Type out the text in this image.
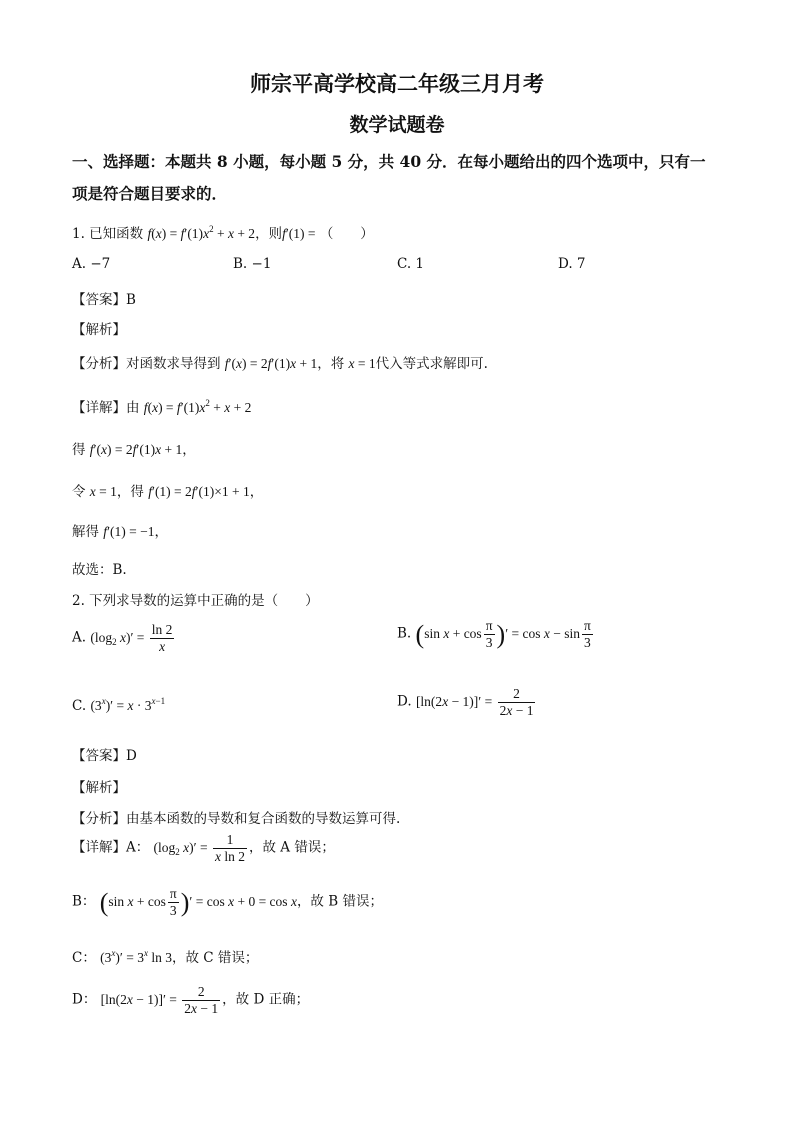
师宗平高学校高二年级三月月考
数学试题卷
一、选择题：本题共 8 小题，每小题 5 分，共 40 分．在每小题给出的四个选项中，只有一
项是符合题目要求的．
1. 已知函数 $f(x) = f'(1)x^2 + x + 2$，则f′(1) = （　　）
A. −7	B. −1	C. 1	D. 7
【答案】B
【解析】
【分析】对函数求导得到 f′(x) = 2f′(1)x + 1，将 x = 1代入等式求解即可.
【详解】由 $f(x) = f'(1)x^2 + x + 2$
得 f′(x) = 2f′(1)x + 1，
令 x = 1，得 f′(1) = 2f′(1)×1 + 1，
解得 f′(1) = −1，
故选：B.
2. 下列求导数的运算中正确的是（　　）
A. ($\log_2$ $x)' = \frac{\ln 2}{x}$	B. (sin $x + \cos \frac{\pi}{3}$ )′ = $\cos x - \sin \frac{\pi}{3}$
C. $(3^x)' = x \cdot 3^{x-1}$	D. $[\ln(2x - 1)]' = \frac{2}{2x - 1}$
【答案】D
【解析】
【分析】由基本函数的导数和复合函数的导数运算可得.
【详解】A： ($\log_2$ $x)' = \frac{1}{\text{x ln 2}}$ ，故 A 错误；
B： (sin $x + \cos \frac{\pi}{3}$ )′ = cos x + 0 = cos x，故 B 错误；
C： $(3^x)' = 3^x$ ln 3，故 C 错误；
D： $[\ln(2x - 1)]' = \frac{2}{2x - 1}$ ，故 D 正确；
